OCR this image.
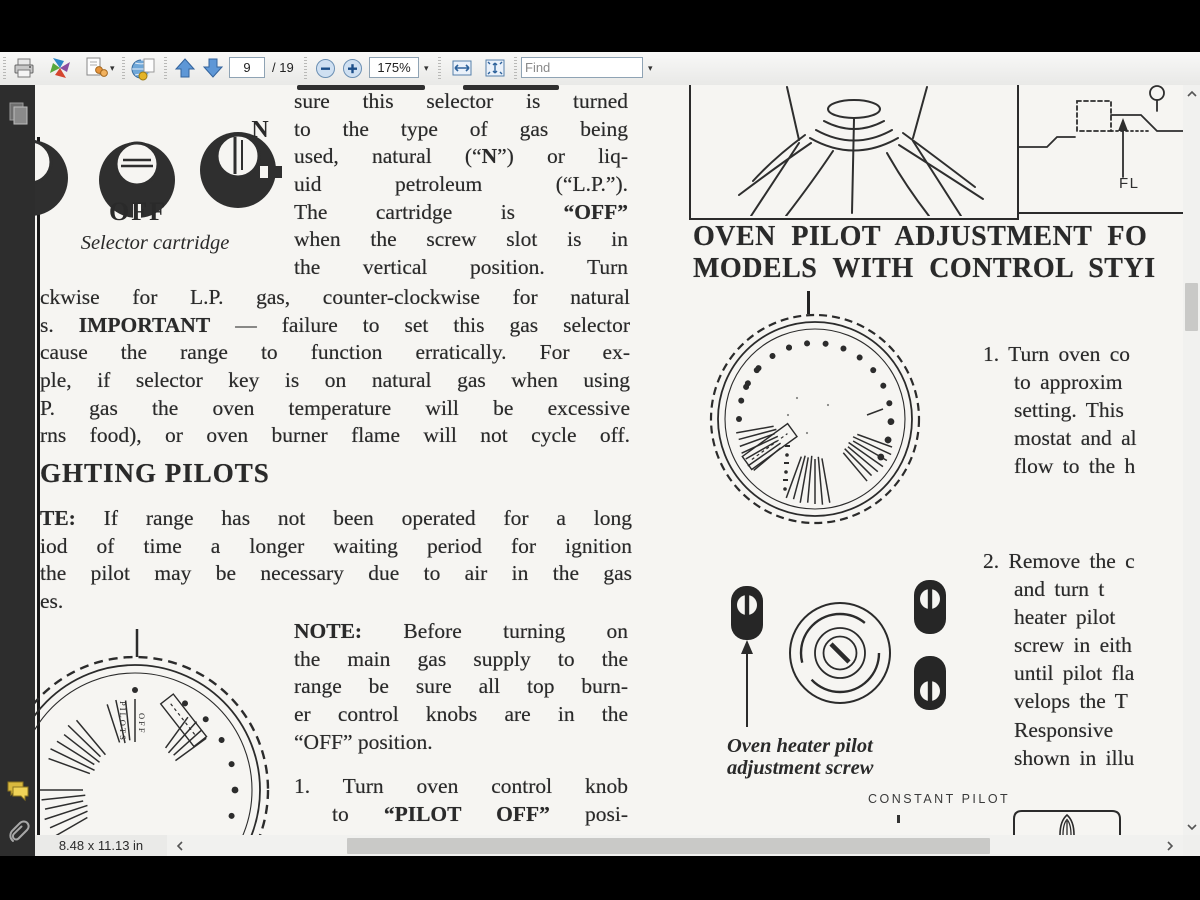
▾
9	/ 19
175%	▾
Find	▾
N
OFF
Selector cartridge
sure this selector is turned
to the type of gas being
used, natural (“N”) or liq-
uid petroleum (“L.P.”).
The cartridge is “OFF”
when the screw slot is in
the vertical position. Turn
ckwise for L.P. gas, counter-clockwise for natural
s. IMPORTANT — failure to set this gas selector
cause the range to function erratically. For ex-
ple, if selector key is on natural gas when using
P. gas the oven temperature will be excessive
rns food), or oven burner flame will not cycle off.
GHTING PILOTS
TE: If range has not been operated for a long
iod of time a longer waiting period for ignition
the pilot may be necessary due to air in the gas
es.
PILOTS OFF
NOTE: Before turning on
the main gas supply to the
range be sure all top burn-
er control knobs are in the
“OFF” position.
1. Turn oven control knob
to “PILOT OFF” posi-
FL
OVEN PILOT ADJUSTMENT FO
MODELS WITH CONTROL STYI
1. Turn oven co
to approxim
setting. This
mostat and al
flow to the h
2. Remove the c
and turn t
heater pilot
screw in eith
until pilot fla
velops the T
Responsive
shown in illu
Oven heater pilot
adjustment screw
CONSTANT PILOT
8.48 x 11.13 in
